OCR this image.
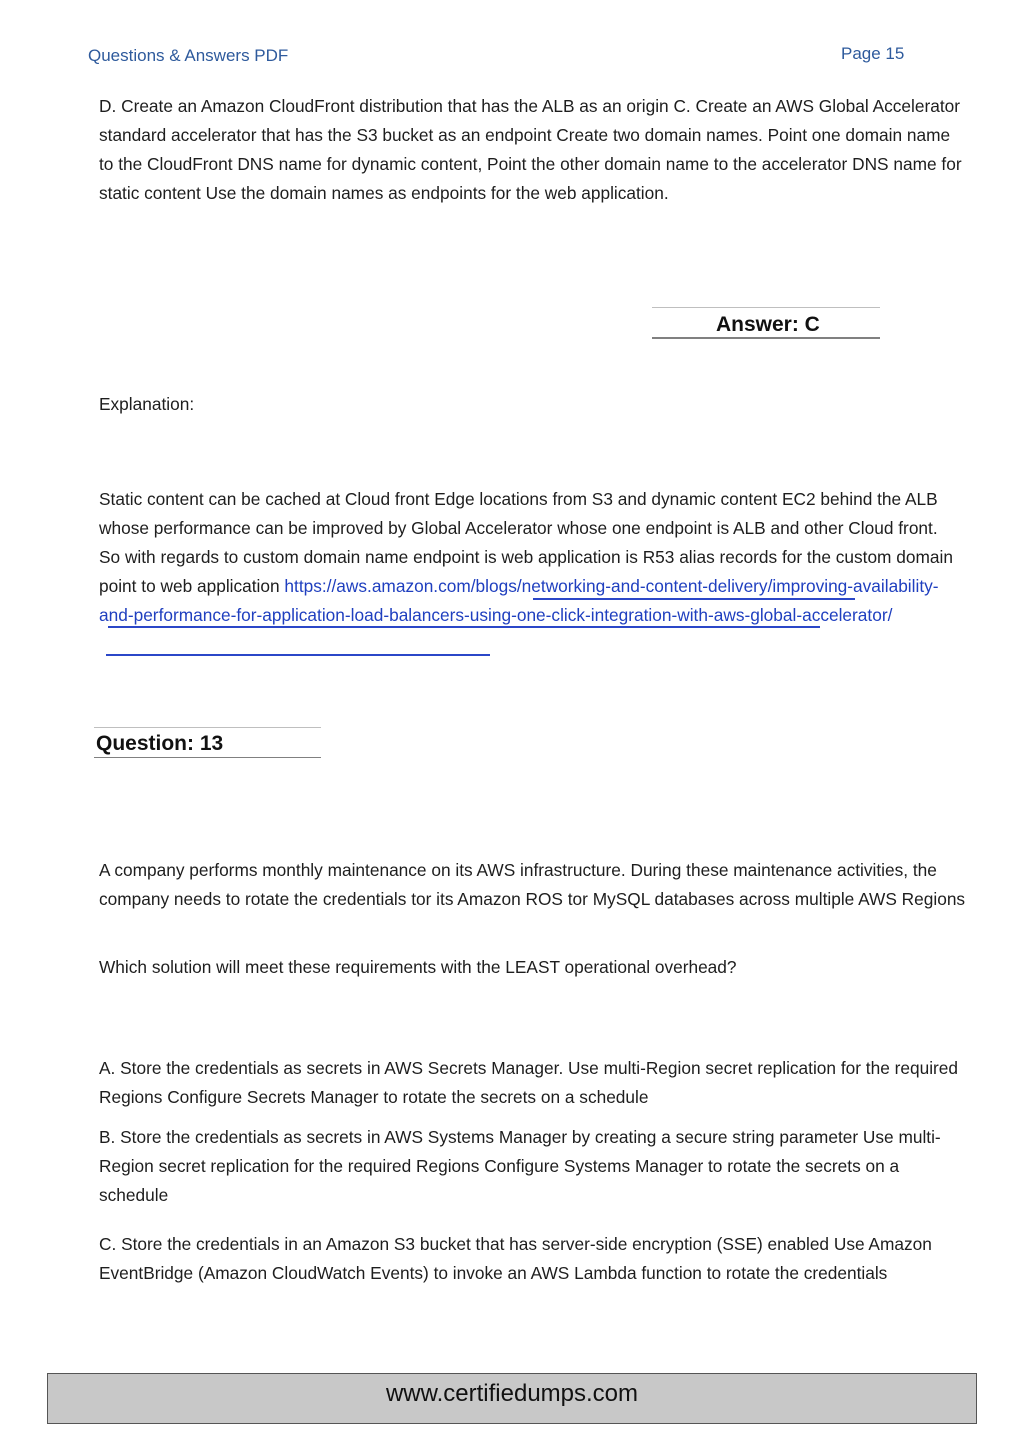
Questions & Answers PDF	Page 15

D. Create an Amazon CloudFront distribution that has the ALB as an origin C. Create an AWS Global Accelerator standard accelerator that has the S3 bucket as an endpoint Create two domain names. Point one domain name to the CloudFront DNS name for dynamic content, Point the other domain name to the accelerator DNS name for static content Use the domain names as endpoints for the web application.

Answer: C

Explanation:

Static content can be cached at Cloud front Edge locations from S3 and dynamic content EC2 behind the ALB whose performance can be improved by Global Accelerator whose one endpoint is ALB and other Cloud front. So with regards to custom domain name endpoint is web application is R53 alias records for the custom domain point to web application https://aws.amazon.com/blogs/networking-and-content-delivery/improving-availability-and-performance-for-application-load-balancers-using-one-click-integration-with-aws-global-accelerator/

Question: 13

A company performs monthly maintenance on its AWS infrastructure. During these maintenance activities, the company needs to rotate the credentials tor its Amazon ROS tor MySQL databases across multiple AWS Regions

Which solution will meet these requirements with the LEAST operational overhead?

A. Store the credentials as secrets in AWS Secrets Manager. Use multi-Region secret replication for the required Regions Configure Secrets Manager to rotate the secrets on a schedule

B. Store the credentials as secrets in AWS Systems Manager by creating a secure string parameter Use multi-Region secret replication for the required Regions Configure Systems Manager to rotate the secrets on a schedule

C. Store the credentials in an Amazon S3 bucket that has server-side encryption (SSE) enabled Use Amazon EventBridge (Amazon CloudWatch Events) to invoke an AWS Lambda function to rotate the credentials

www.certifiedumps.com
